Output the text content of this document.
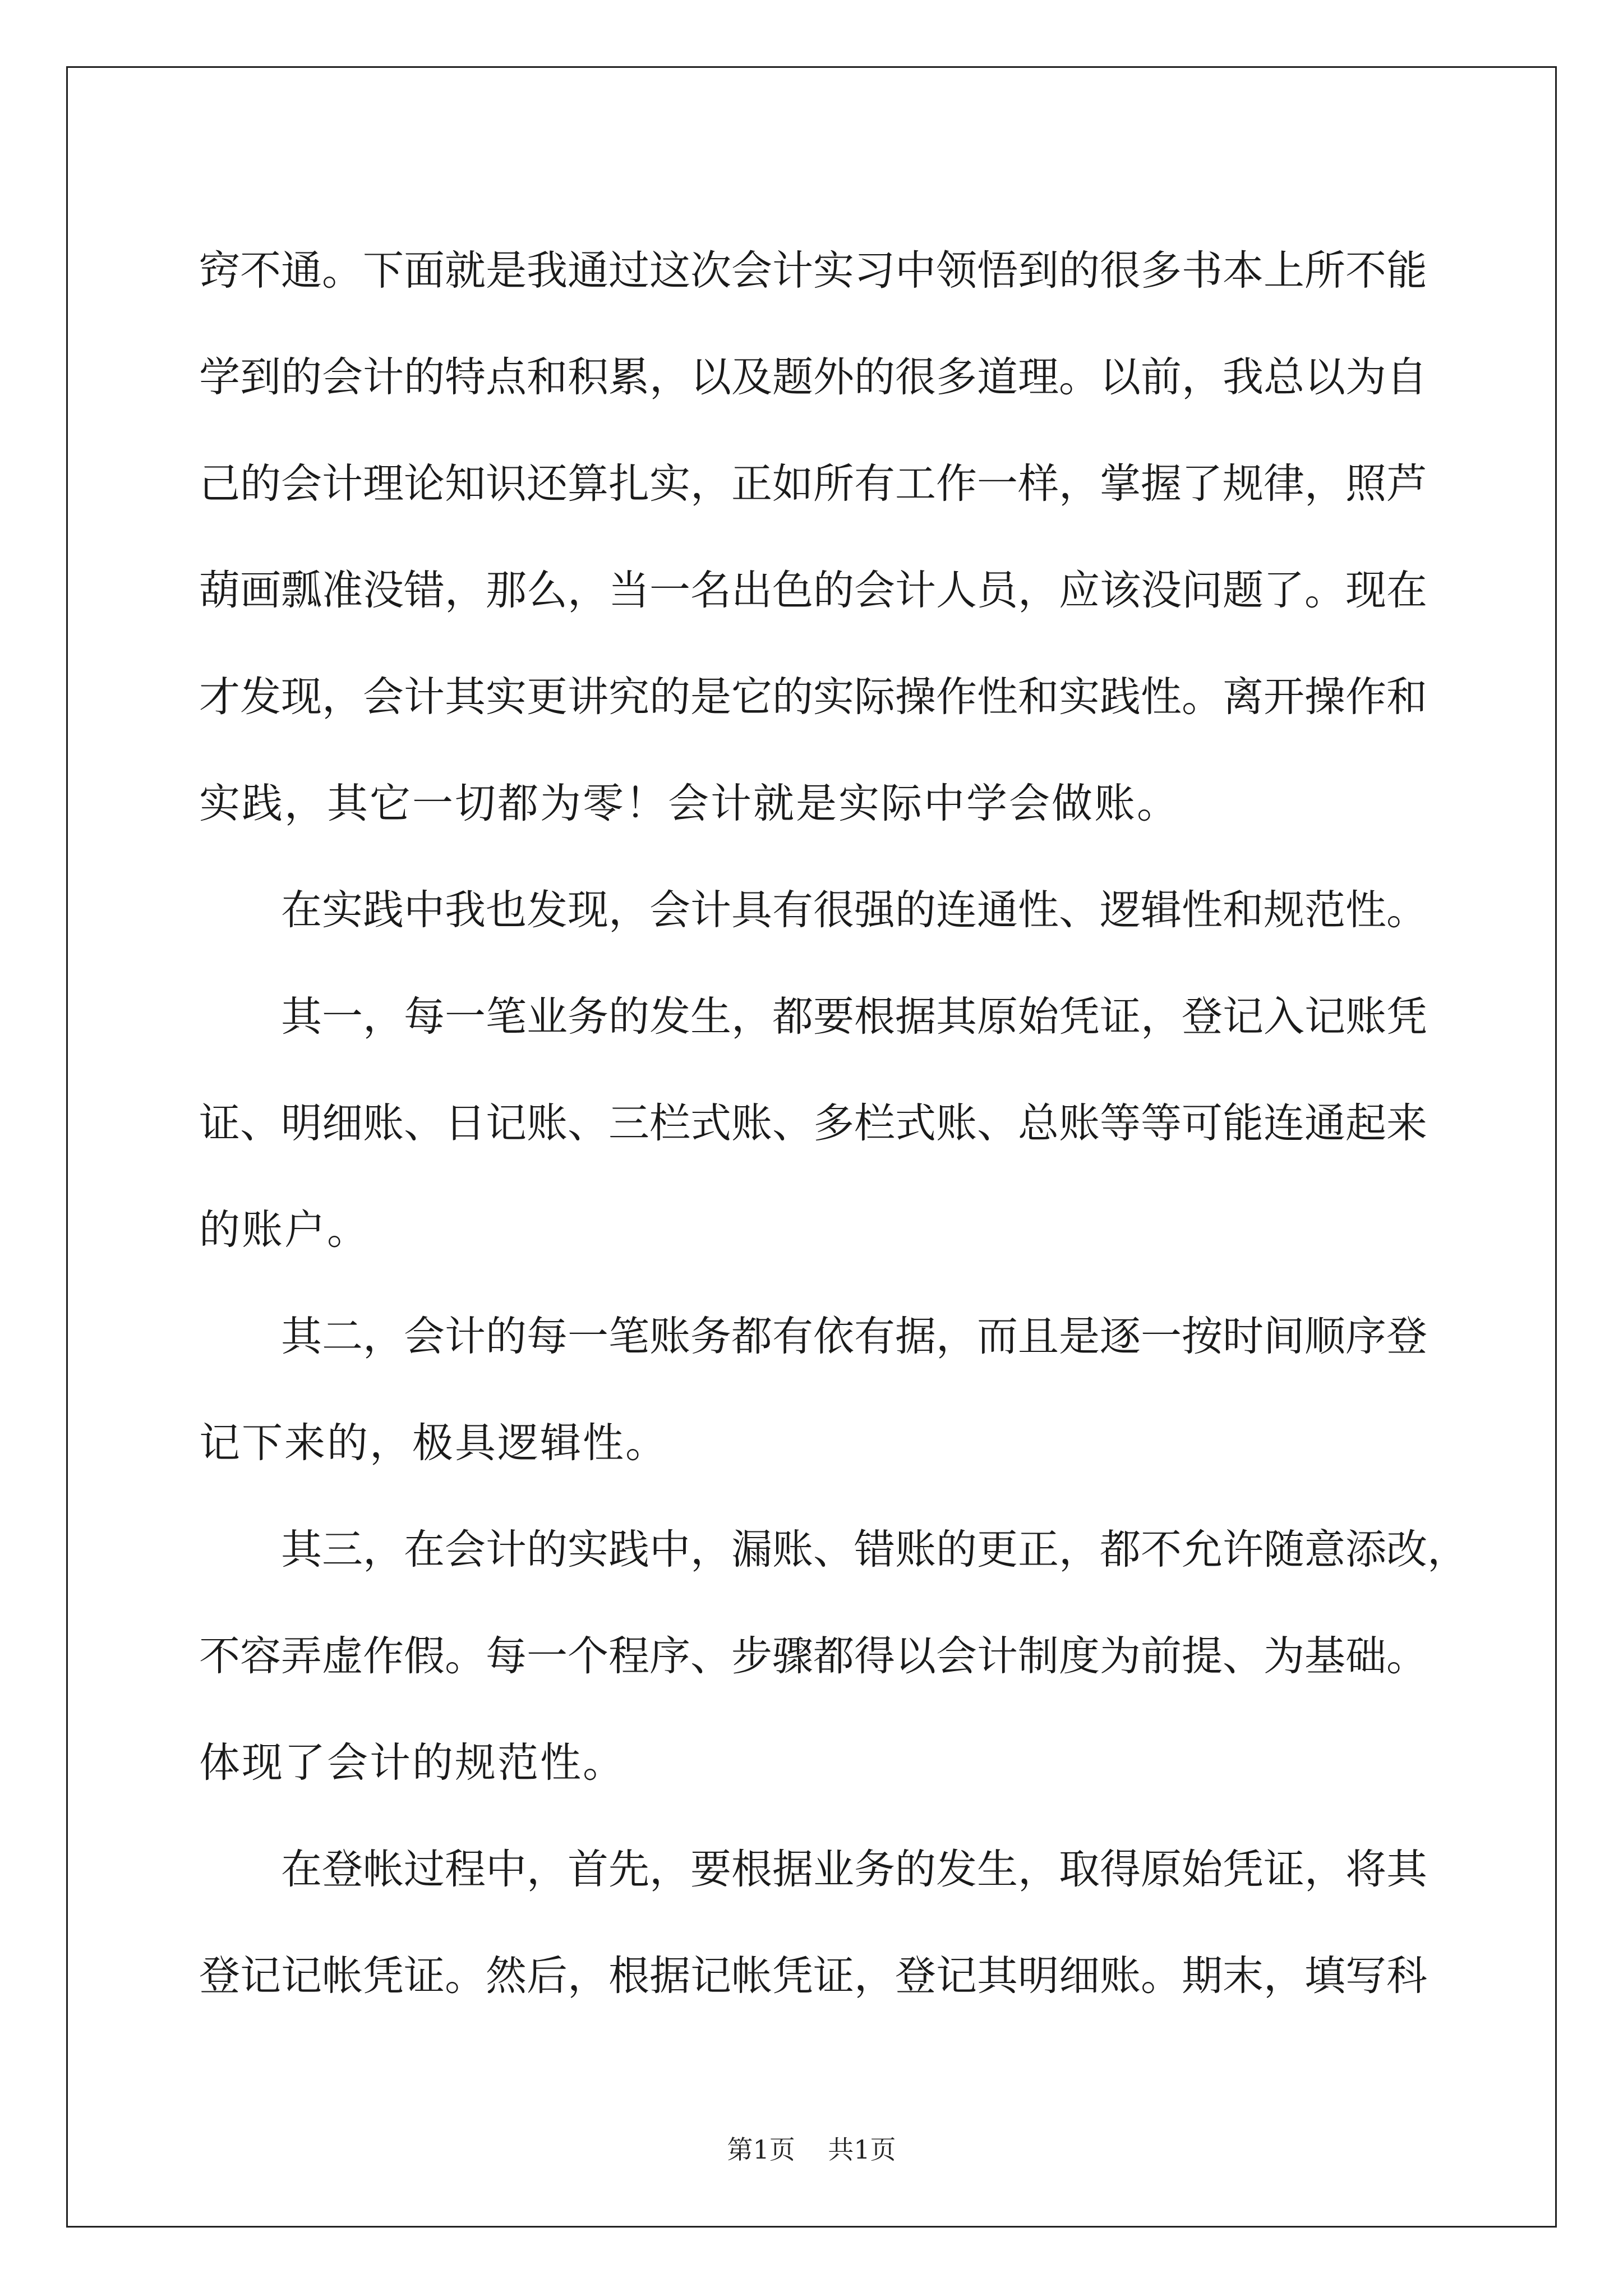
窍 不 通 。 下 面 就 是 我 通 过 这 次 会 计 实 习 中 领 悟 到 的 很 多 书 本 上 所 不 能
学 到 的 会 计 的 特 点 和 积 累 ， 以 及 题 外 的 很 多 道 理 。 以 前 ， 我 总 以 为 自
己 的 会 计 理 论 知 识 还 算 扎 实 ， 正 如 所 有 工 作 一 样 ， 掌 握 了 规 律 ， 照 芦
葫 画 瓢 准 没 错 ， 那 么 ， 当 一 名 出 色 的 会 计 人 员 ， 应 该 没 问 题 了 。 现 在
才 发 现 ， 会 计 其 实 更 讲 究 的 是 它 的 实 际 操 作 性 和 实 践 性 。 离 开 操 作 和
实践，其它一切都为零！会计就是实际中学会做账。
在 实 践 中 我 也 发 现 ， 会 计 具 有 很 强 的 连 通 性 、 逻 辑 性 和 规 范 性 。
其 一 ， 每 一 笔 业 务 的 发 生 ， 都 要 根 据 其 原 始 凭 证 ， 登 记 入 记 账 凭
证 、 明 细 账 、 日 记 账 、 三 栏 式 账 、 多 栏 式 账 、 总 账 等 等 可 能 连 通 起 来
的账户。
其 二 ， 会 计 的 每 一 笔 账 务 都 有 依 有 据 ， 而 且 是 逐 一 按 时 间 顺 序 登
记下来的，极具逻辑性。
其 三 ， 在 会 计 的 实 践 中 ， 漏 账 、 错 账 的 更 正 ， 都 不 允 许 随 意 添 改 ，
不 容 弄 虚 作 假 。 每 一 个 程 序 、 步 骤 都 得 以 会 计 制 度 为 前 提 、 为 基 础 。
体现了会计的规范性。
在 登 帐 过 程 中 ， 首 先 ， 要 根 据 业 务 的 发 生 ， 取 得 原 始 凭 证 ， 将 其
登 记 记 帐 凭 证 。 然 后 ， 根 据 记 帐 凭 证 ， 登 记 其 明 细 账 。 期 末 ， 填 写 科
第1页    共1页
